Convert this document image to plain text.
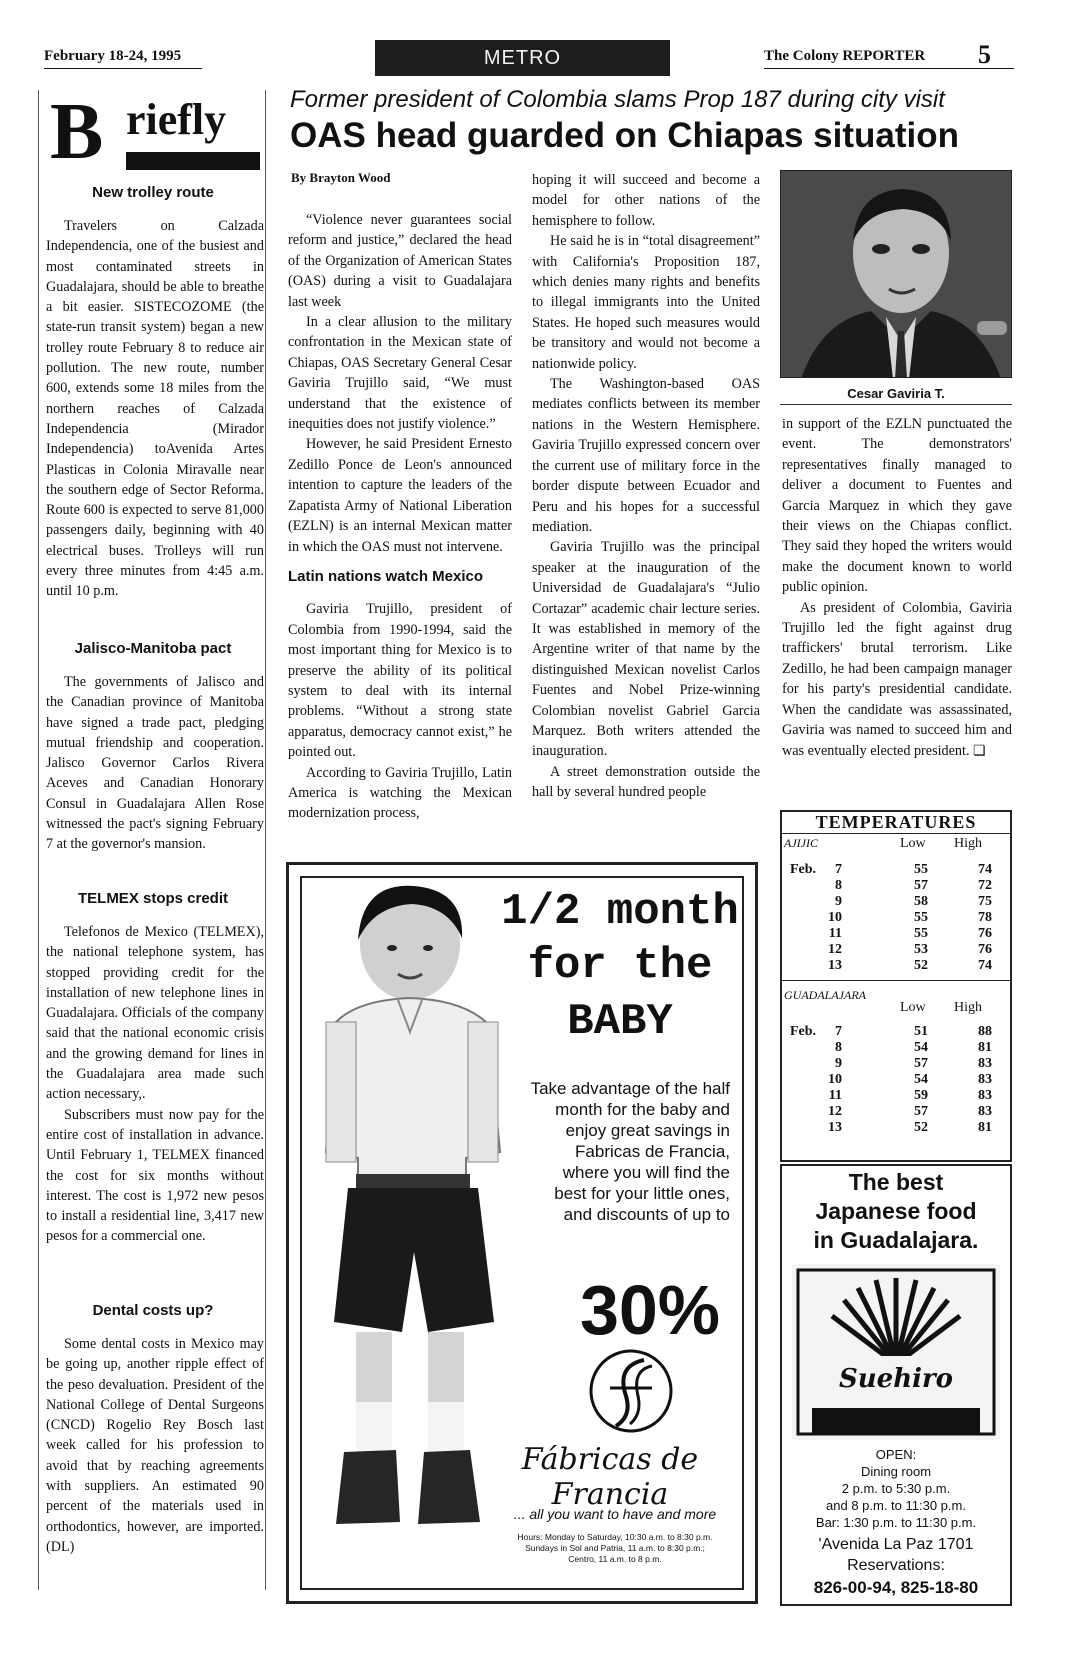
February 18-24, 1995	METRO	The Colony REPORTER 5
B riefly
New trolley route

Travelers on Calzada Independencia, one of the busiest and most contaminated streets in Guadalajara, should be able to breathe a bit easier. SISTECOZOME (the state-run transit system) began a new trolley route February 8 to reduce air pollution. The new route, number 600, extends some 18 miles from the northern reaches of Calzada Independencia (Mirador Independencia) toAvenida Artes Plasticas in Colonia Miravalle near the southern edge of Sector Reforma. Route 600 is expected to serve 81,000 passengers daily, beginning with 40 electrical buses. Trolleys will run every three minutes from 4:45 a.m. until 10 p.m.

Jalisco-Manitoba pact

The governments of Jalisco and the Canadian province of Manitoba have signed a trade pact, pledging mutual friendship and cooperation. Jalisco Governor Carlos Rivera Aceves and Canadian Honorary Consul in Guadalajara Allen Rose witnessed the pact's signing February 7 at the governor's mansion.

TELMEX stops credit

Telefonos de Mexico (TELMEX), the national telephone system, has stopped providing credit for the installation of new telephone lines in Guadalajara. Officials of the company said that the national economic crisis and the growing demand for lines in the Guadalajara area made such action necessary,.

Subscribers must now pay for the entire cost of installation in advance. Until February 1, TELMEX financed the cost for six months without interest. The cost is 1,972 new pesos to install a residential line, 3,417 new pesos for a commercial one.

Dental costs up?

Some dental costs in Mexico may be going up, another ripple effect of the peso devaluation. President of the National College of Dental Surgeons (CNCD) Rogelio Rey Bosch last week called for his profession to avoid that by reaching agreements with suppliers. An estimated 90 percent of the materials used in orthodontics, however, are imported. (DL)

Former president of Colombia slams Prop 187 during city visit
OAS head guarded on Chiapas situation
By Brayton Wood

“Violence never guarantees social reform and justice,” declared the head of the Organization of American States (OAS) during a visit to Guadalajara last week

In a clear allusion to the military confrontation in the Mexican state of Chiapas, OAS Secretary General Cesar Gaviria Trujillo said, “We must understand that the existence of inequities does not justify violence.”

However, he said President Ernesto Zedillo Ponce de Leon's announced intention to capture the leaders of the Zapatista Army of National Liberation (EZLN) is an internal Mexican matter in which the OAS must not intervene.

Latin nations watch Mexico

Gaviria Trujillo, president of Colombia from 1990-1994, said the most important thing for Mexico is to preserve the ability of its political system to deal with its internal problems. “Without a strong state apparatus, democracy cannot exist,” he pointed out.

According to Gaviria Trujillo, Latin America is watching the Mexican modernization process,

hoping it will succeed and become a model for other nations of the hemisphere to follow.

He said he is in “total disagreement” with California's Proposition 187, which denies many rights and benefits to illegal immigrants into the United States. He hoped such measures would be transitory and would not become a nationwide policy.

The Washington-based OAS mediates conflicts between its member nations in the Western Hemisphere. Gaviria Trujillo expressed concern over the current use of military force in the border dispute between Ecuador and Peru and his hopes for a successful mediation.

Gaviria Trujillo was the principal speaker at the inauguration of the Universidad de Guadalajara's “Julio Cortazar” academic chair lecture series. It was established in memory of the Argentine writer of that name by the distinguished Mexican novelist Carlos Fuentes and Nobel Prize-winning Colombian novelist Gabriel Garcia Marquez. Both writers attended the inauguration.

A street demonstration outside the hall by several hundred people

Cesar Gaviria T.

in support of the EZLN punctuated the event. The demonstrators' representatives finally managed to deliver a document to Fuentes and Garcia Marquez in which they gave their views on the Chiapas conflict. They said they hoped the writers would make the document known to world public opinion.

As president of Colombia, Gaviria Trujillo led the fight against drug traffickers' brutal terrorism. Like Zedillo, he had been campaign manager for his party's presidential candidate. When the candidate was assassinated, Gaviria was named to succeed him and was eventually elected president. ❏

1/2 month
for the
BABY
Take advantage of the half month for the baby and enjoy great savings in Fabricas de Francia, where you will find the best for your little ones, and discounts of up to
30%
Fábricas de Francia
... all you want to have and more
Hours: Monday to Saturday, 10:30 a.m. to 8:30 p.m.
Sundays in Sol and Patria, 11 a.m. to 8:30 p.m.;
Centro, 11 a.m. to 8 p.m.
TEMPERATURES
AJIJIC	Low High
Feb.	7	55	74
8	57	72
9	58	75
10	55	78
11	55	76
12	53	76
13	52	74
GUADALAJARA
Low High
Feb.	7	51	88
8	54	81
9	57	83
10	54	83
11	59	83
12	57	83
13	52	81
The best
Japanese food
in Guadalajara.
Suehiro
OPEN:
Dining room
2 p.m. to 5:30 p.m.
and 8 p.m. to 11:30 p.m.
Bar: 1:30 p.m. to 11:30 p.m.
'Avenida La Paz 1701
Reservations:
826-00-94, 825-18-80
